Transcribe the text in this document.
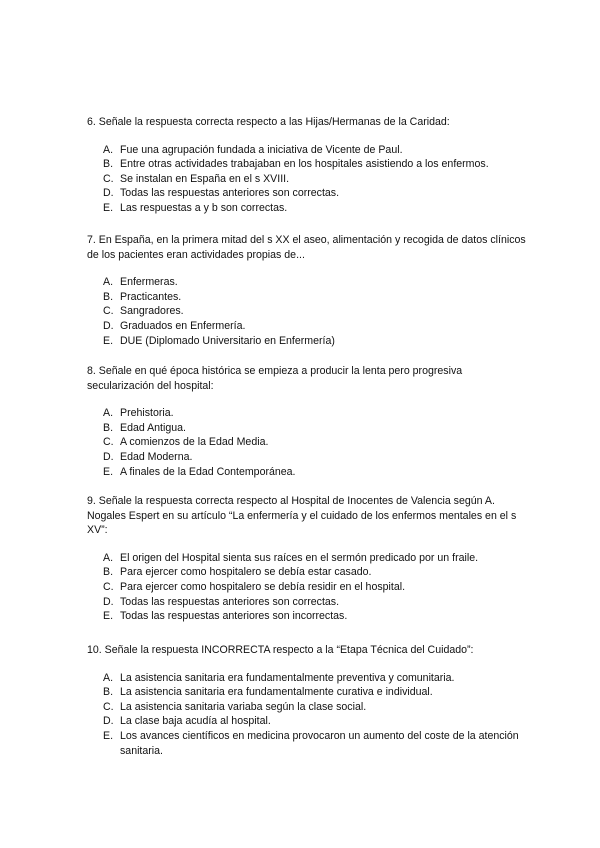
6. Señale la respuesta correcta respecto a las Hijas/Hermanas de la Caridad:

A. Fue una agrupación fundada a iniciativa de Vicente de Paul.
B. Entre otras actividades trabajaban en los hospitales asistiendo a los enfermos.
C. Se instalan en España en el s XVIII.
D. Todas las respuestas anteriores son correctas.
E. Las respuestas a y b son correctas.

7. En España, en la primera mitad del s XX el aseo, alimentación y recogida de datos clínicos de los pacientes eran actividades propias de...

A. Enfermeras.
B. Practicantes.
C. Sangradores.
D. Graduados en Enfermería.
E. DUE (Diplomado Universitario en Enfermería)

8. Señale en qué época histórica se empieza a producir la lenta pero progresiva secularización del hospital:

A. Prehistoria.
B. Edad Antigua.
C. A comienzos de la Edad Media.
D. Edad Moderna.
E. A finales de la Edad Contemporánea.

9. Señale la respuesta correcta respecto al Hospital de Inocentes de Valencia según A. Nogales Espert en su artículo “La enfermería y el cuidado de los enfermos mentales en el s XV”:

A. El origen del Hospital sienta sus raíces en el sermón predicado por un fraile.
B. Para ejercer como hospitalero se debía estar casado.
C. Para ejercer como hospitalero se debía residir en el hospital.
D. Todas las respuestas anteriores son correctas.
E. Todas las respuestas anteriores son incorrectas.

10. Señale la respuesta INCORRECTA respecto a la “Etapa Técnica del Cuidado”:

A. La asistencia sanitaria era fundamentalmente preventiva y comunitaria.
B. La asistencia sanitaria era fundamentalmente curativa e individual.
C. La asistencia sanitaria variaba según la clase social.
D. La clase baja acudía al hospital.
E. Los avances científicos en medicina provocaron un aumento del coste de la atención sanitaria.
